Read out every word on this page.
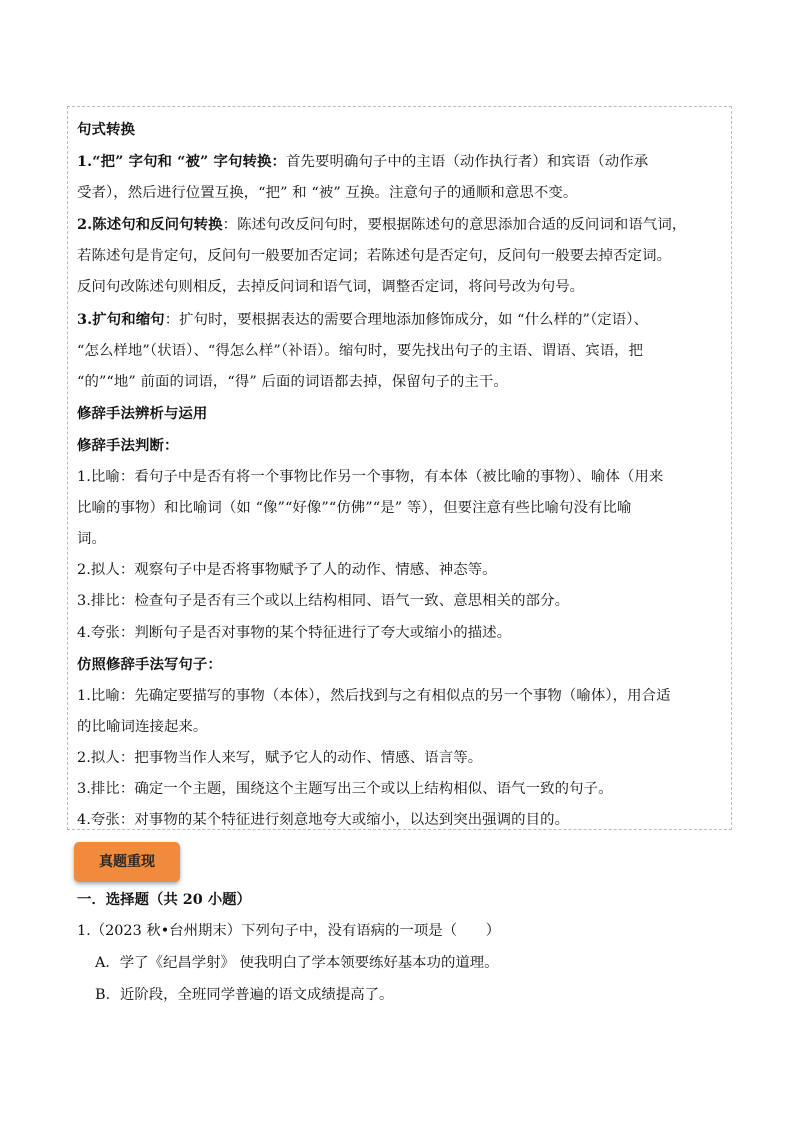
句式转换

1.“把” 字句和 “被” 字句转换：首先要明确句子中的主语（动作执行者）和宾语（动作承

受者），然后进行位置互换，“把” 和 “被” 互换。注意句子的通顺和意思不变。

2.陈述句和反问句转换：陈述句改反问句时，要根据陈述句的意思添加合适的反问词和语气词，

若陈述句是肯定句，反问句一般要加否定词；若陈述句是否定句，反问句一般要去掉否定词。

反问句改陈述句则相反，去掉反问词和语气词，调整否定词，将问号改为句号。

3.扩句和缩句：扩句时，要根据表达的需要合理地添加修饰成分，如 “什么样的”（定语）、

“怎么样地”（状语）、“得怎么样”（补语）。缩句时，要先找出句子的主语、谓语、宾语，把

“的”“地” 前面的词语，“得” 后面的词语都去掉，保留句子的主干。

修辞手法辨析与运用

修辞手法判断：

1.比喻：看句子中是否有将一个事物比作另一个事物，有本体（被比喻的事物）、喻体（用来

比喻的事物）和比喻词（如 “像”“好像”“仿佛”“是” 等），但要注意有些比喻句没有比喻

词。

2.拟人：观察句子中是否将事物赋予了人的动作、情感、神态等。

3.排比：检查句子是否有三个或以上结构相同、语气一致、意思相关的部分。

4.夸张：判断句子是否对事物的某个特征进行了夸大或缩小的描述。

仿照修辞手法写句子：

1.比喻：先确定要描写的事物（本体），然后找到与之有相似点的另一个事物（喻体），用合适

的比喻词连接起来。

2.拟人：把事物当作人来写，赋予它人的动作、情感、语言等。

3.排比：确定一个主题，围绕这个主题写出三个或以上结构相似、语气一致的句子。

4.夸张：对事物的某个特征进行刻意地夸大或缩小，以达到突出强调的目的。

真题重现

一．选择题（共 20 小题）

1.（2023 秋•台州期末）下列句子中，没有语病的一项是（　　）

A．学了《纪昌学射》 使我明白了学本领要练好基本功的道理。

B．近阶段，全班同学普遍的语文成绩提高了。
